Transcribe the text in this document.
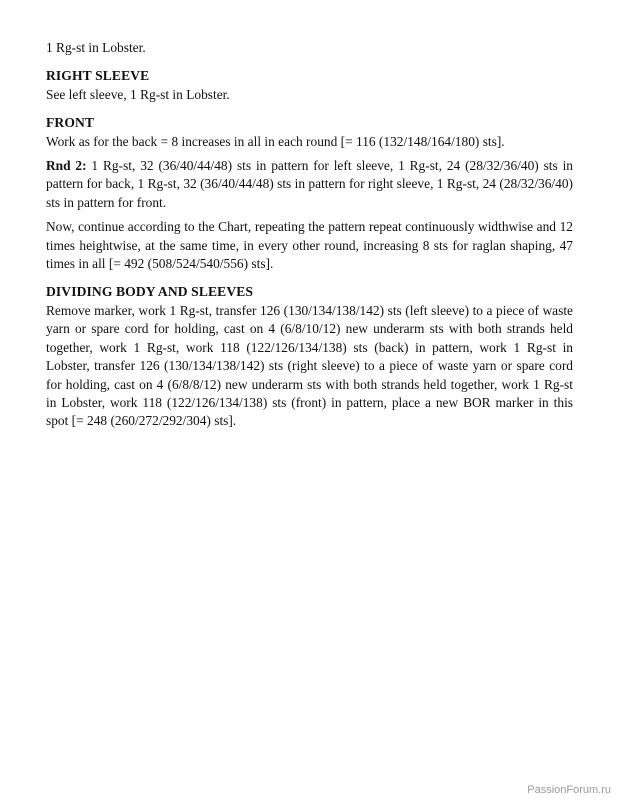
1 Rg-st in Lobster.

RIGHT SLEEVE

See left sleeve, 1 Rg-st in Lobster.

FRONT

Work as for the back = 8 increases in all in each round [= 116 (132/148/164/180) sts].

Rnd 2: 1 Rg-st, 32 (36/40/44/48) sts in pattern for left sleeve, 1 Rg-st, 24 (28/32/36/40) sts in pattern for back, 1 Rg-st, 32 (36/40/44/48) sts in pattern for right sleeve, 1 Rg-st, 24 (28/32/36/40) sts in pattern for front.

Now, continue according to the Chart, repeating the pattern repeat continuously widthwise and 12 times heightwise, at the same time, in every other round, increasing 8 sts for raglan shaping, 47 times in all [= 492 (508/524/540/556) sts].

DIVIDING BODY AND SLEEVES

Remove marker, work 1 Rg-st, transfer 126 (130/134/138/142) sts (left sleeve) to a piece of waste yarn or spare cord for holding, cast on 4 (6/8/10/12) new underarm sts with both strands held together, work 1 Rg-st, work 118 (122/126/134/138) sts (back) in pattern, work 1 Rg-st in Lobster, transfer 126 (130/134/138/142) sts (right sleeve) to a piece of waste yarn or spare cord for holding, cast on 4 (6/8/8/12) new underarm sts with both strands held together, work 1 Rg-st in Lobster, work 118 (122/126/134/138) sts (front) in pattern, place a new BOR marker in this spot [= 248 (260/272/292/304) sts].

PassionForum.ru
